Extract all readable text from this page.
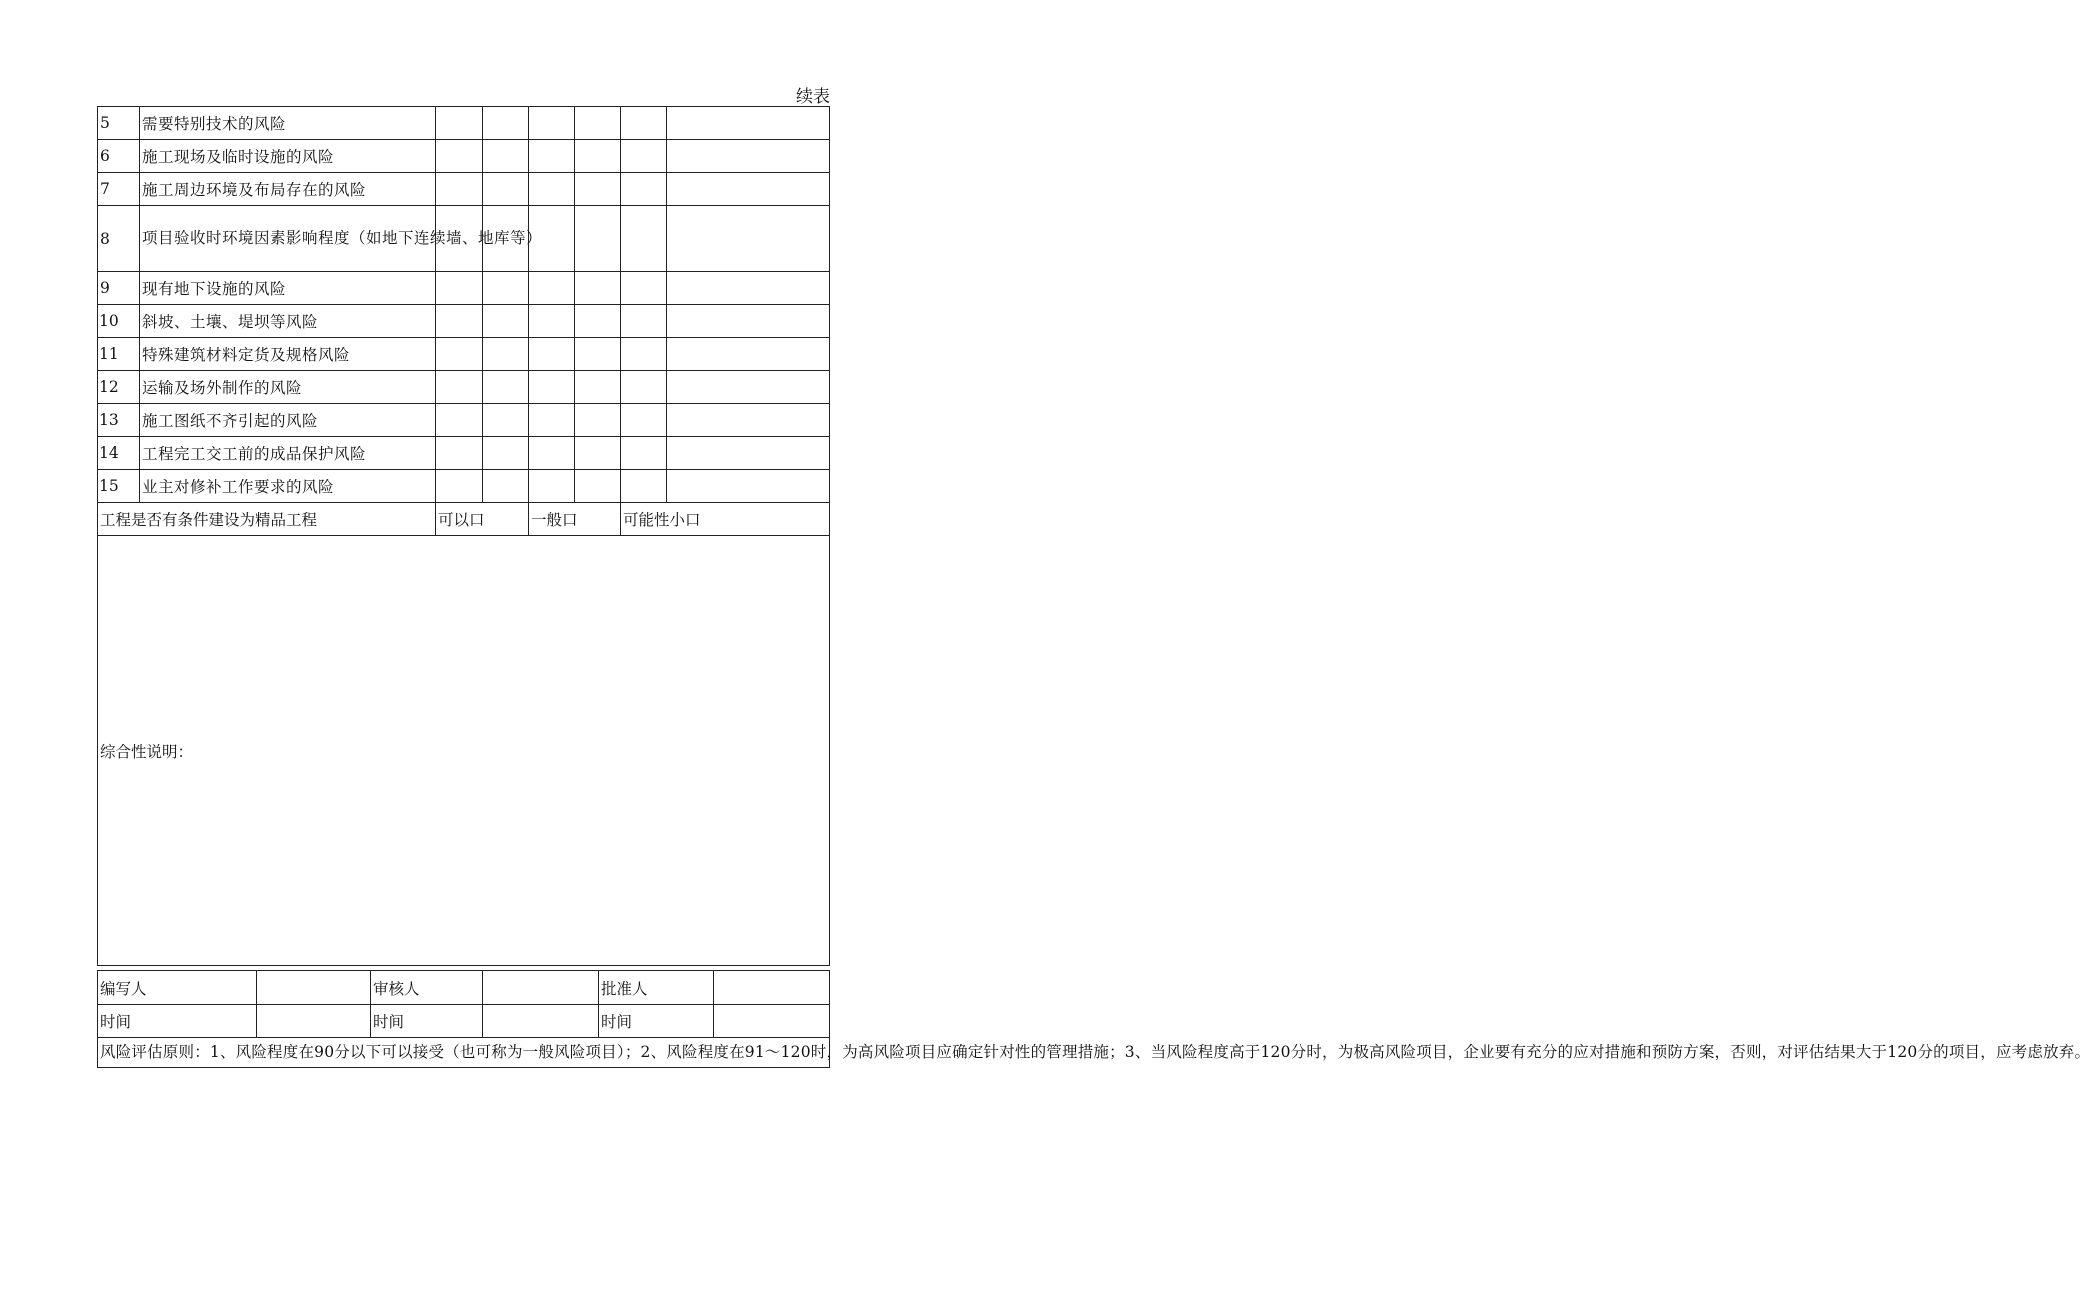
续表
5	需要特别技术的风险						
6	施工现场及临时设施的风险						
7	施工周边环境及布局存在的风险						
8	项目验收时环境因素影响程度（如地下连续墙、地库等）						
9	现有地下设施的风险						
10	斜坡、土壤、堤坝等风险						
11	特殊建筑材料定货及规格风险						
12	运输及场外制作的风险						
13	施工图纸不齐引起的风险						
14	工程完工交工前的成品保护风险						
15	业主对修补工作要求的风险						
工程是否有条件建设为精品工程		可以口		一般口		可能性小口	
综合性说明：							
编写人		审核人		批准人	
时间		时间		时间	
风险评估原则：1、风险程度在90分以下可以接受（也可称为一般风险项目）；2、风险程度在91～120时，为高风险项目应确定针对性的管理措施；3、当风险程度高于120分时，为极高风险项目，企业要有充分的应对措施和预防方案，否则，对评估结果大于120分的项目，应考虑放弃。					
